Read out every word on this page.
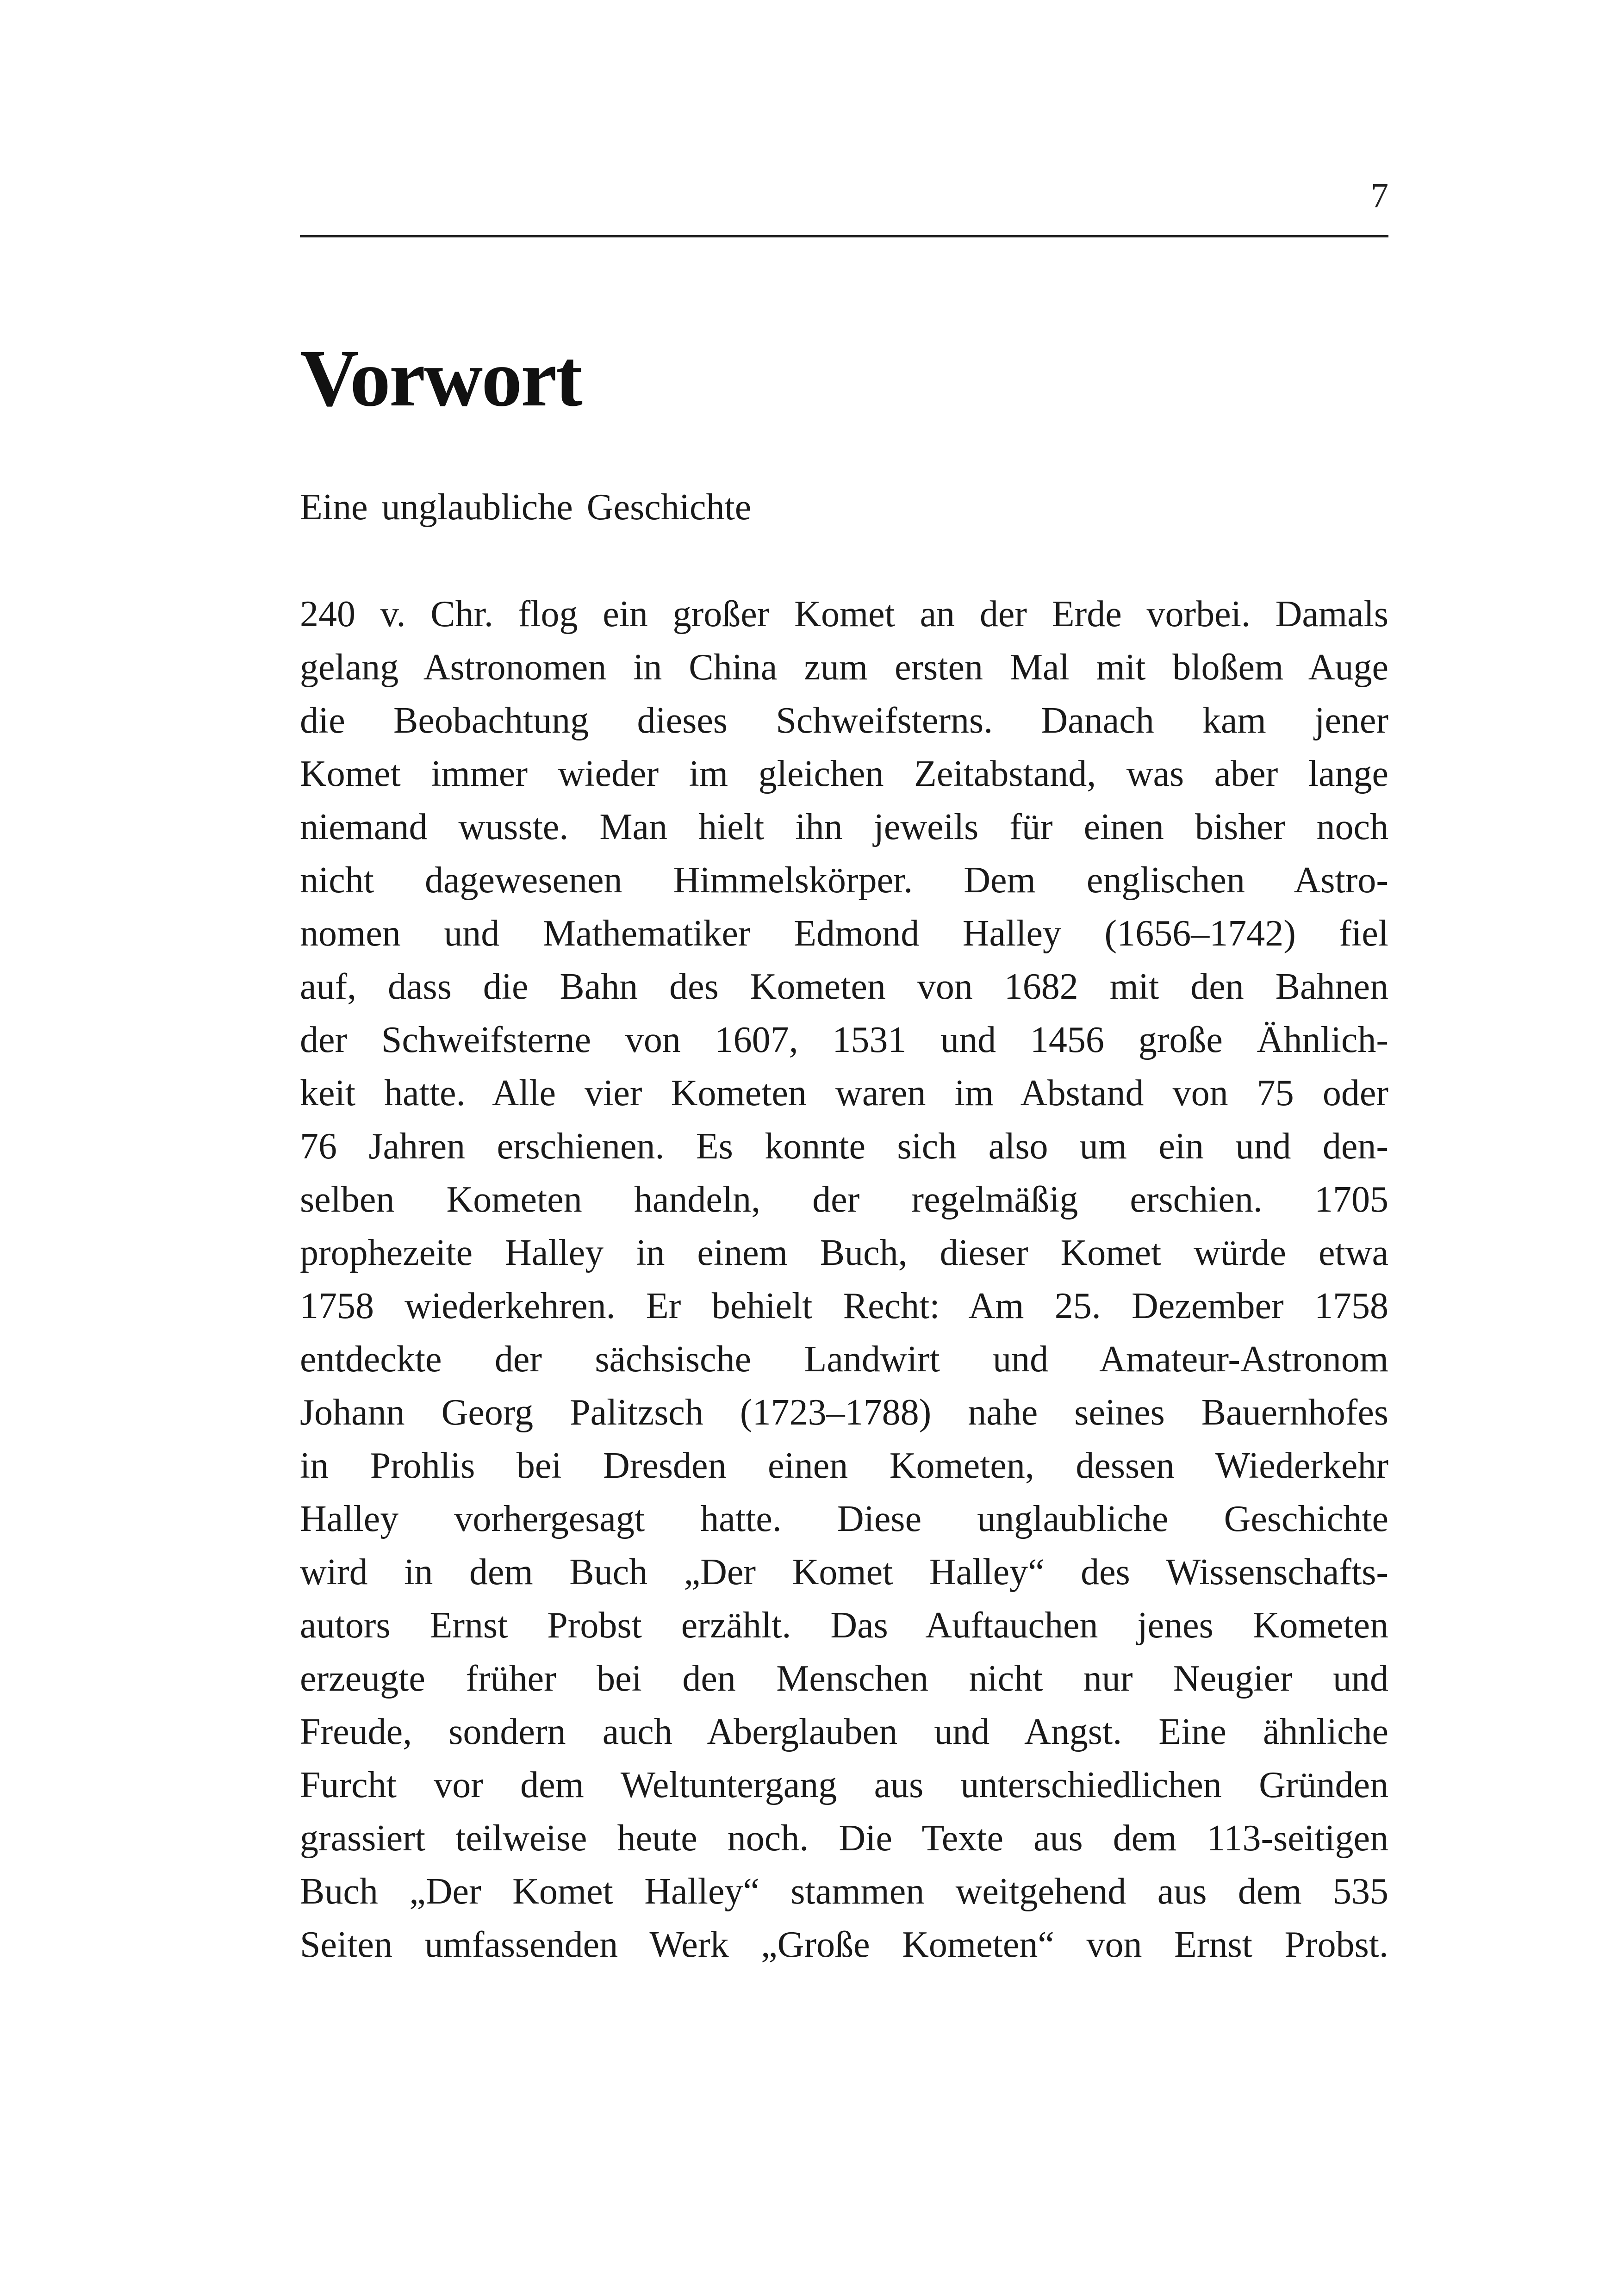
7
Vorwort

Eine unglaubliche Geschichte

240 v. Chr. flog ein großer Komet an der Erde vorbei. Damals
gelang Astronomen in China zum ersten Mal mit bloßem Auge
die Beobachtung dieses Schweifsterns. Danach kam jener
Komet immer wieder im gleichen Zeitabstand, was aber lange
niemand wusste. Man hielt ihn jeweils für einen bisher noch
nicht dagewesenen Himmelskörper. Dem englischen Astro-
nomen und Mathematiker Edmond Halley (1656–1742) fiel
auf, dass die Bahn des Kometen von 1682 mit den Bahnen
der Schweifsterne von 1607, 1531 und 1456 große Ähnlich-
keit hatte. Alle vier Kometen waren im Abstand von 75 oder
76 Jahren erschienen. Es konnte sich also um ein und den-
selben Kometen handeln, der regelmäßig erschien. 1705
prophezeite Halley in einem Buch, dieser Komet würde etwa
1758 wiederkehren. Er behielt Recht: Am 25. Dezember 1758
entdeckte der sächsische Landwirt und Amateur-Astronom
Johann Georg Palitzsch (1723–1788) nahe seines Bauernhofes
in Prohlis bei Dresden einen Kometen, dessen Wiederkehr
Halley vorhergesagt hatte. Diese unglaubliche Geschichte
wird in dem Buch „Der Komet Halley“ des Wissenschafts-
autors Ernst Probst erzählt. Das Auftauchen jenes Kometen
erzeugte früher bei den Menschen nicht nur Neugier und
Freude, sondern auch Aberglauben und Angst. Eine ähnliche
Furcht vor dem Weltuntergang aus unterschiedlichen Gründen
grassiert teilweise heute noch. Die Texte aus dem 113-seitigen
Buch „Der Komet Halley“ stammen weitgehend aus dem 535
Seiten umfassenden Werk „Große Kometen“ von Ernst Probst.
